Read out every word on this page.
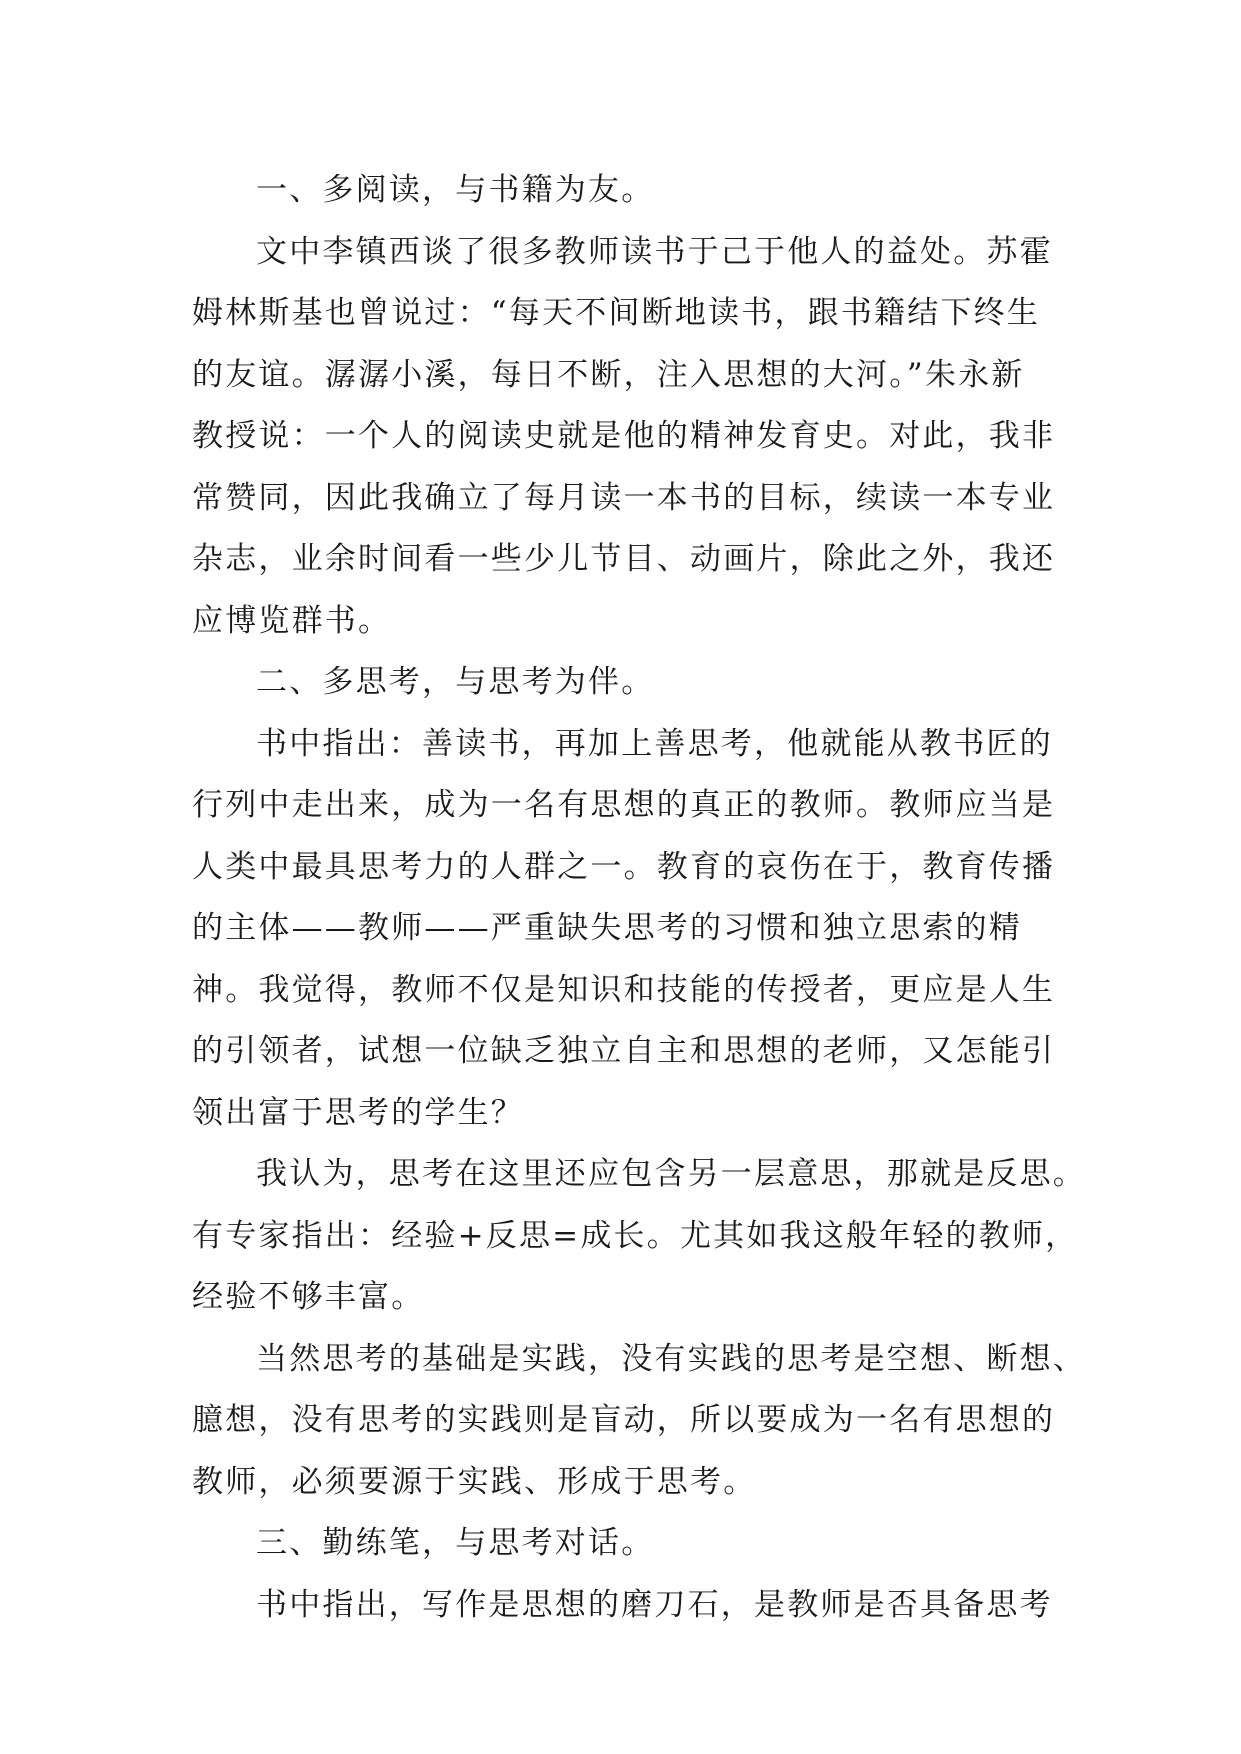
一、多阅读，与书籍为友。
文中李镇西谈了很多教师读书于己于他人的益处。苏霍
姆林斯基也曾说过：“每天不间断地读书，跟书籍结下终生
的友谊。潺潺小溪，每日不断，注入思想的大河。”朱永新
教授说：一个人的阅读史就是他的精神发育史。对此，我非
常赞同，因此我确立了每月读一本书的目标，续读一本专业
杂志，业余时间看一些少儿节目、动画片，除此之外，我还
应博览群书。
二、多思考，与思考为伴。
书中指出：善读书，再加上善思考，他就能从教书匠的
行列中走出来，成为一名有思想的真正的教师。教师应当是
人类中最具思考力的人群之一。教育的哀伤在于，教育传播
的主体——教师——严重缺失思考的习惯和独立思索的精
神。我觉得，教师不仅是知识和技能的传授者，更应是人生
的引领者，试想一位缺乏独立自主和思想的老师，又怎能引
领出富于思考的学生？
我认为，思考在这里还应包含另一层意思，那就是反思。
有专家指出：经验+反思=成长。尤其如我这般年轻的教师，
经验不够丰富。
当然思考的基础是实践，没有实践的思考是空想、断想、
臆想，没有思考的实践则是盲动，所以要成为一名有思想的
教师，必须要源于实践、形成于思考。
三、勤练笔，与思考对话。
书中指出，写作是思想的磨刀石，是教师是否具备思考
